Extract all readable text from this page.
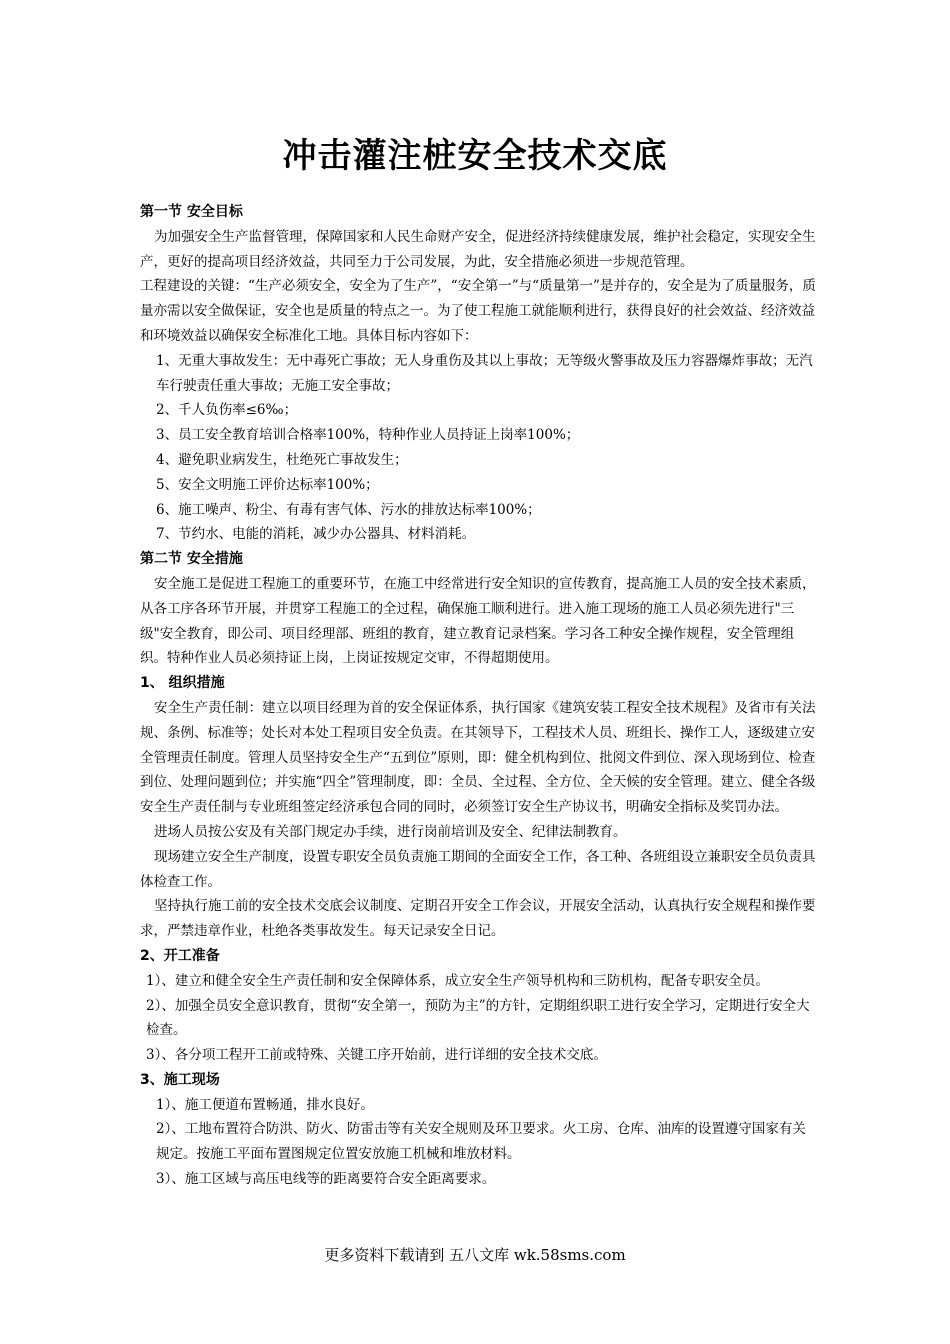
冲击灌注桩安全技术交底

第一节 安全目标

为加强安全生产监督管理，保障国家和人民生命财产安全，促进经济持续健康发展，维护社会稳定，实现安全生产，更好的提高项目经济效益，共同至力于公司发展，为此，安全措施必须进一步规范管理。

工程建设的关键：“生产必须安全，安全为了生产”，“安全第一”与“质量第一”是并存的，安全是为了质量服务，质量亦需以安全做保证，安全也是质量的特点之一。为了使工程施工就能顺利进行，获得良好的社会效益、经济效益和环境效益以确保安全标准化工地。具体目标内容如下：

1、无重大事故发生：无中毒死亡事故；无人身重伤及其以上事故；无等级火警事故及压力容器爆炸事故；无汽车行驶责任重大事故；无施工安全事故；

2、千人负伤率≤6‰；

3、员工安全教育培训合格率100%，特种作业人员持证上岗率100%；

4、避免职业病发生，杜绝死亡事故发生；

5、安全文明施工评价达标率100%；

6、施工噪声、粉尘、有毒有害气体、污水的排放达标率100%；

7、节约水、电能的消耗，减少办公器具、材料消耗。

第二节 安全措施

安全施工是促进工程施工的重要环节，在施工中经常进行安全知识的宣传教育，提高施工人员的安全技术素质，从各工序各环节开展，并贯穿工程施工的全过程，确保施工顺利进行。进入施工现场的施工人员必须先进行"三级"安全教育，即公司、项目经理部、班组的教育，建立教育记录档案。学习各工种安全操作规程，安全管理组织。特种作业人员必须持证上岗，上岗证按规定交审，不得超期使用。

1、 组织措施

安全生产责任制：建立以项目经理为首的安全保证体系，执行国家《建筑安装工程安全技术规程》及省市有关法规、条例、标准等；处长对本处工程项目安全负责。在其领导下，工程技术人员、班组长、操作工人，逐级建立安全管理责任制度。管理人员坚持安全生产“五到位”原则，即：健全机构到位、批阅文件到位、深入现场到位、检查到位、处理问题到位；并实施“四全”管理制度，即：全员、全过程、全方位、全天候的安全管理。建立、健全各级安全生产责任制与专业班组签定经济承包合同的同时，必须签订安全生产协议书，明确安全指标及奖罚办法。

进场人员按公安及有关部门规定办手续，进行岗前培训及安全、纪律法制教育。

现场建立安全生产制度，设置专职安全员负责施工期间的全面安全工作，各工种、各班组设立兼职安全员负责具体检查工作。

坚持执行施工前的安全技术交底会议制度、定期召开安全工作会议，开展安全活动，认真执行安全规程和操作要求，严禁违章作业，杜绝各类事故发生。每天记录安全日记。

2、开工准备

1）、建立和健全安全生产责任制和安全保障体系，成立安全生产领导机构和三防机构，配备专职安全员。

2）、加强全员安全意识教育，贯彻“安全第一，预防为主”的方针，定期组织职工进行安全学习，定期进行安全大检查。

3）、各分项工程开工前或特殊、关键工序开始前，进行详细的安全技术交底。

3、施工现场

1）、施工便道布置畅通，排水良好。

2）、工地布置符合防洪、防火、防雷击等有关安全规则及环卫要求。火工房、仓库、油库的设置遵守国家有关规定。按施工平面布置图规定位置安放施工机械和堆放材料。

3）、施工区域与高压电线等的距离要符合安全距离要求。

更多资料下载请到 五八文库 wk.58sms.com
